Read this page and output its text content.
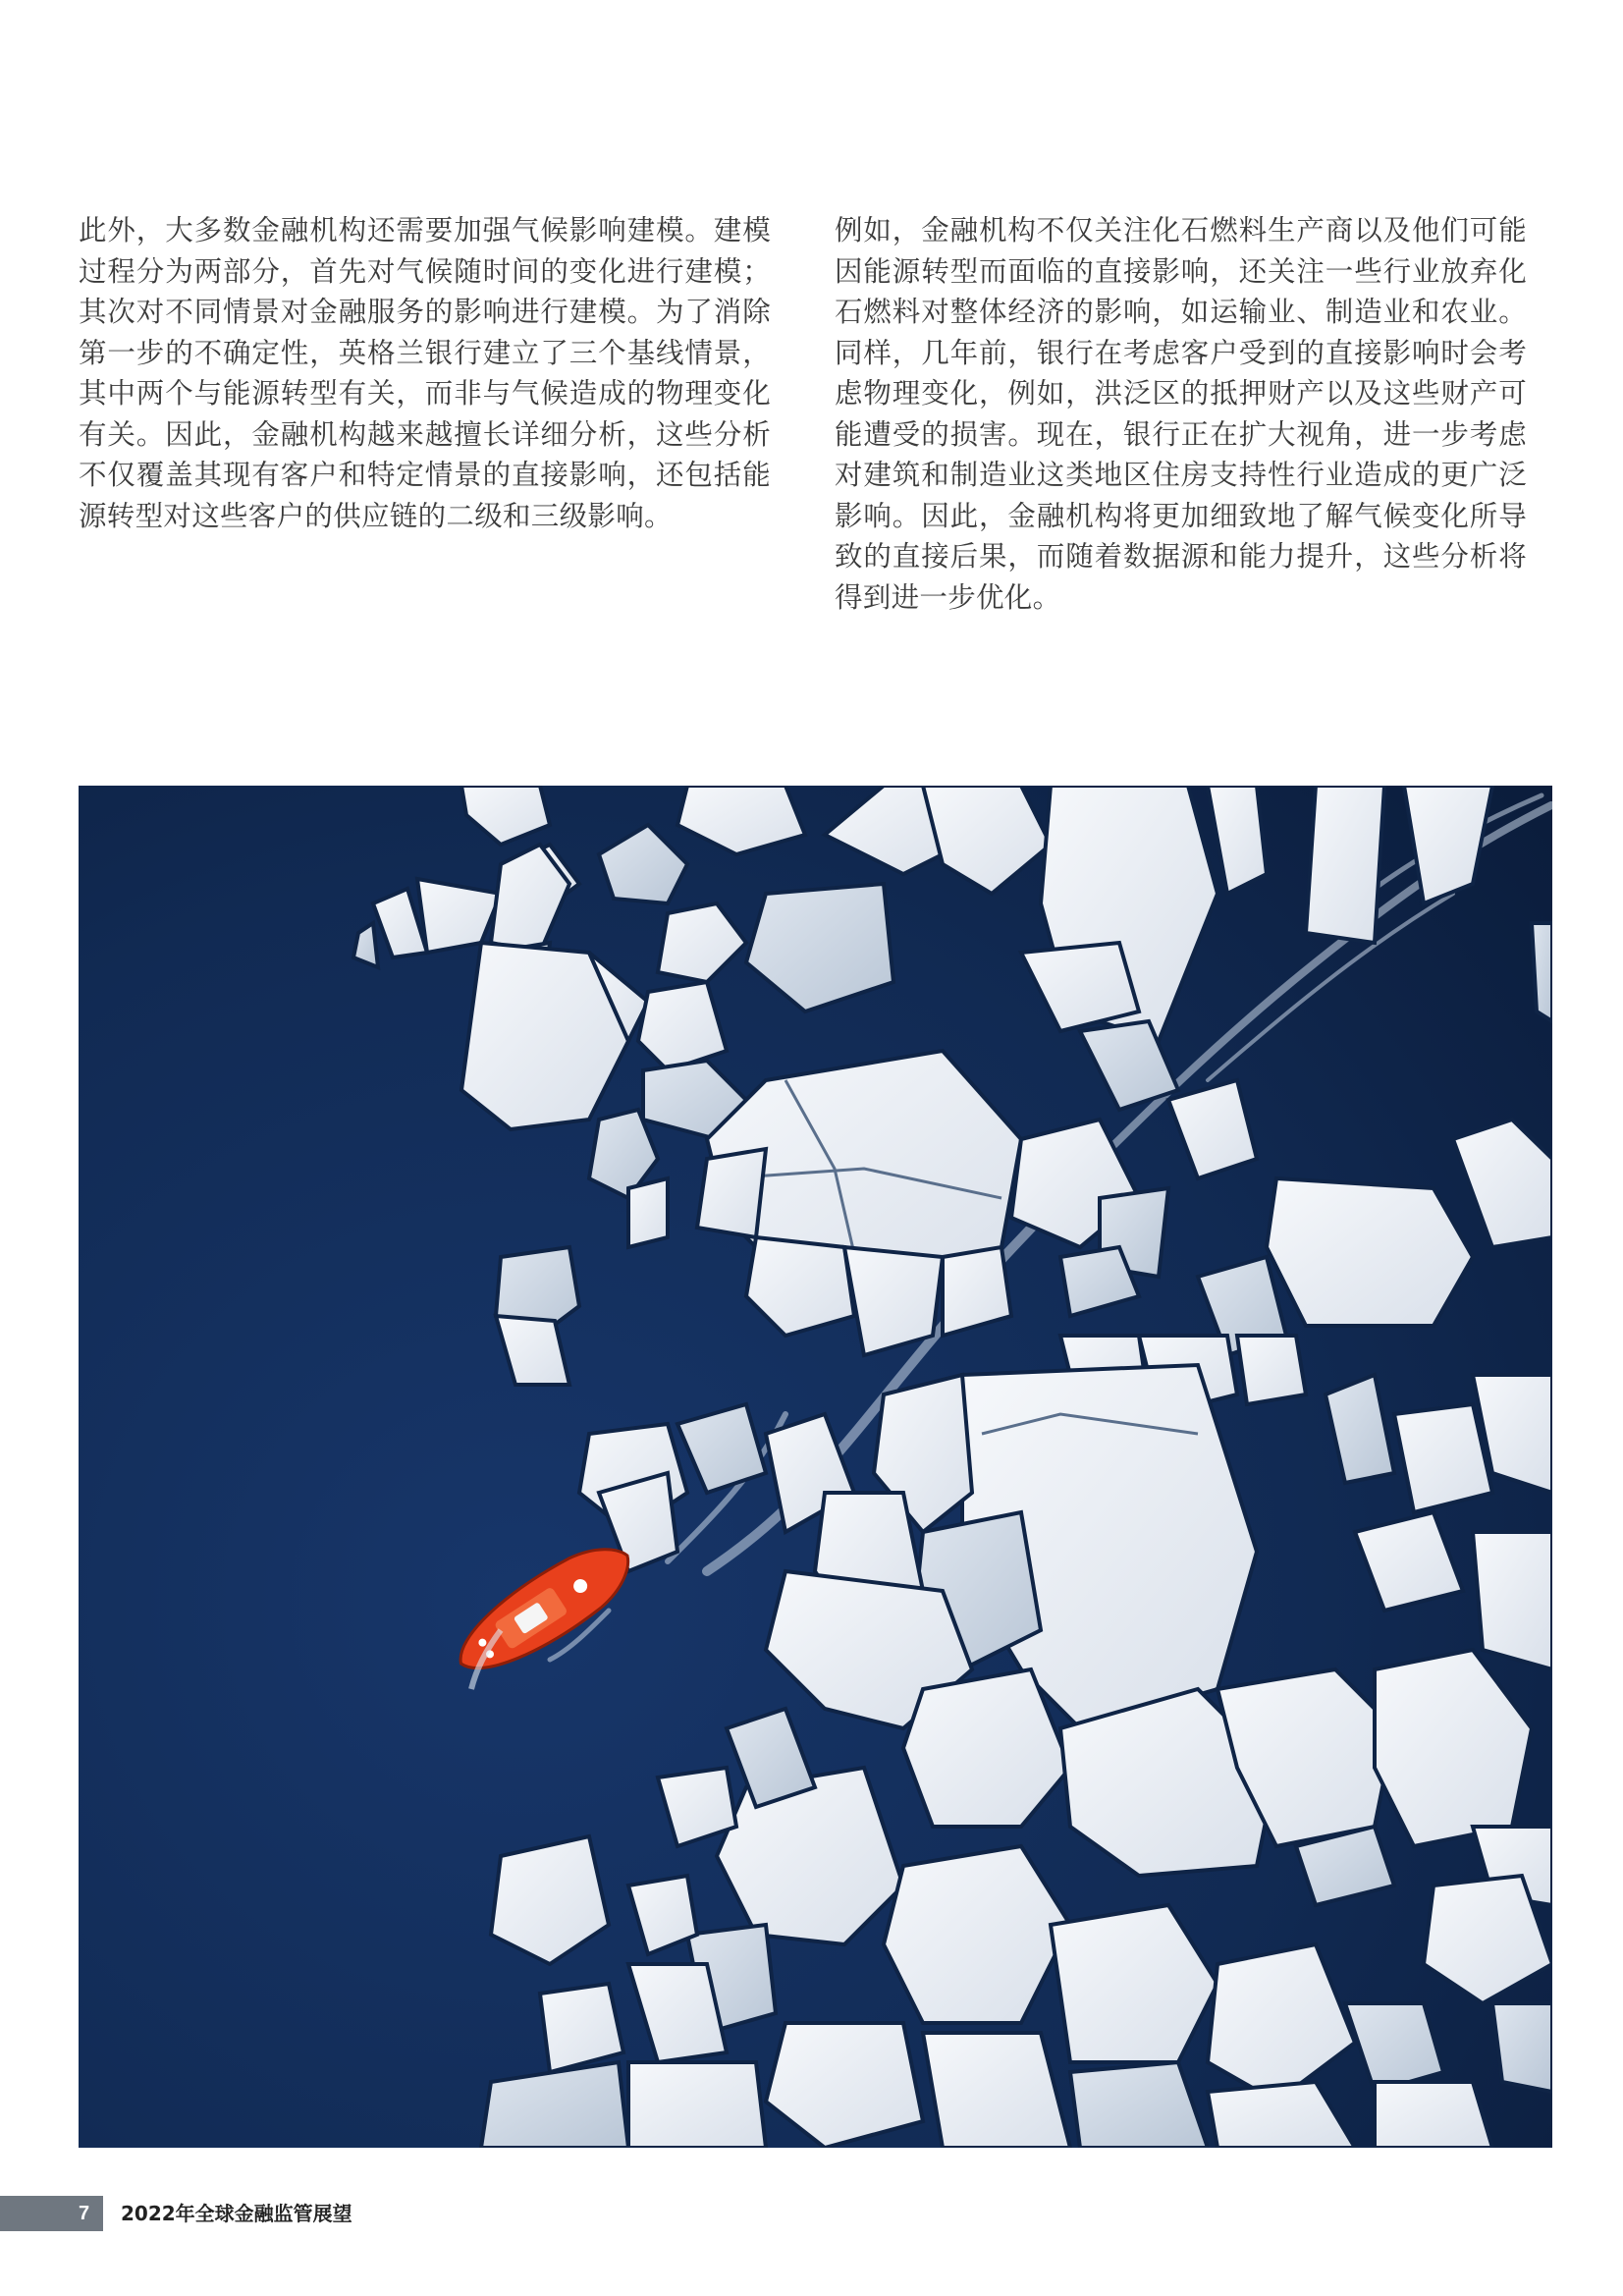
此外，大多数金融机构还需要加强气候影响建模。建模过程分为两部分，首先对气候随时间的变化进行建模；其次对不同情景对金融服务的影响进行建模。为了消除第一步的不确定性，英格兰银行建立了三个基线情景，其中两个与能源转型有关，而非与气候造成的物理变化有关。因此，金融机构越来越擅长详细分析，这些分析不仅覆盖其现有客户和特定情景的直接影响，还包括能源转型对这些客户的供应链的二级和三级影响。

例如，金融机构不仅关注化石燃料生产商以及他们可能因能源转型而面临的直接影响，还关注一些行业放弃化石燃料对整体经济的影响，如运输业、制造业和农业。同样，几年前，银行在考虑客户受到的直接影响时会考虑物理变化，例如，洪泛区的抵押财产以及这些财产可能遭受的损害。现在，银行正在扩大视角，进一步考虑对建筑和制造业这类地区住房支持性行业造成的更广泛影响。因此，金融机构将更加细致地了解气候变化所导致的直接后果，而随着数据源和能力提升，这些分析将得到进一步优化。

7 2022年全球金融监管展望
